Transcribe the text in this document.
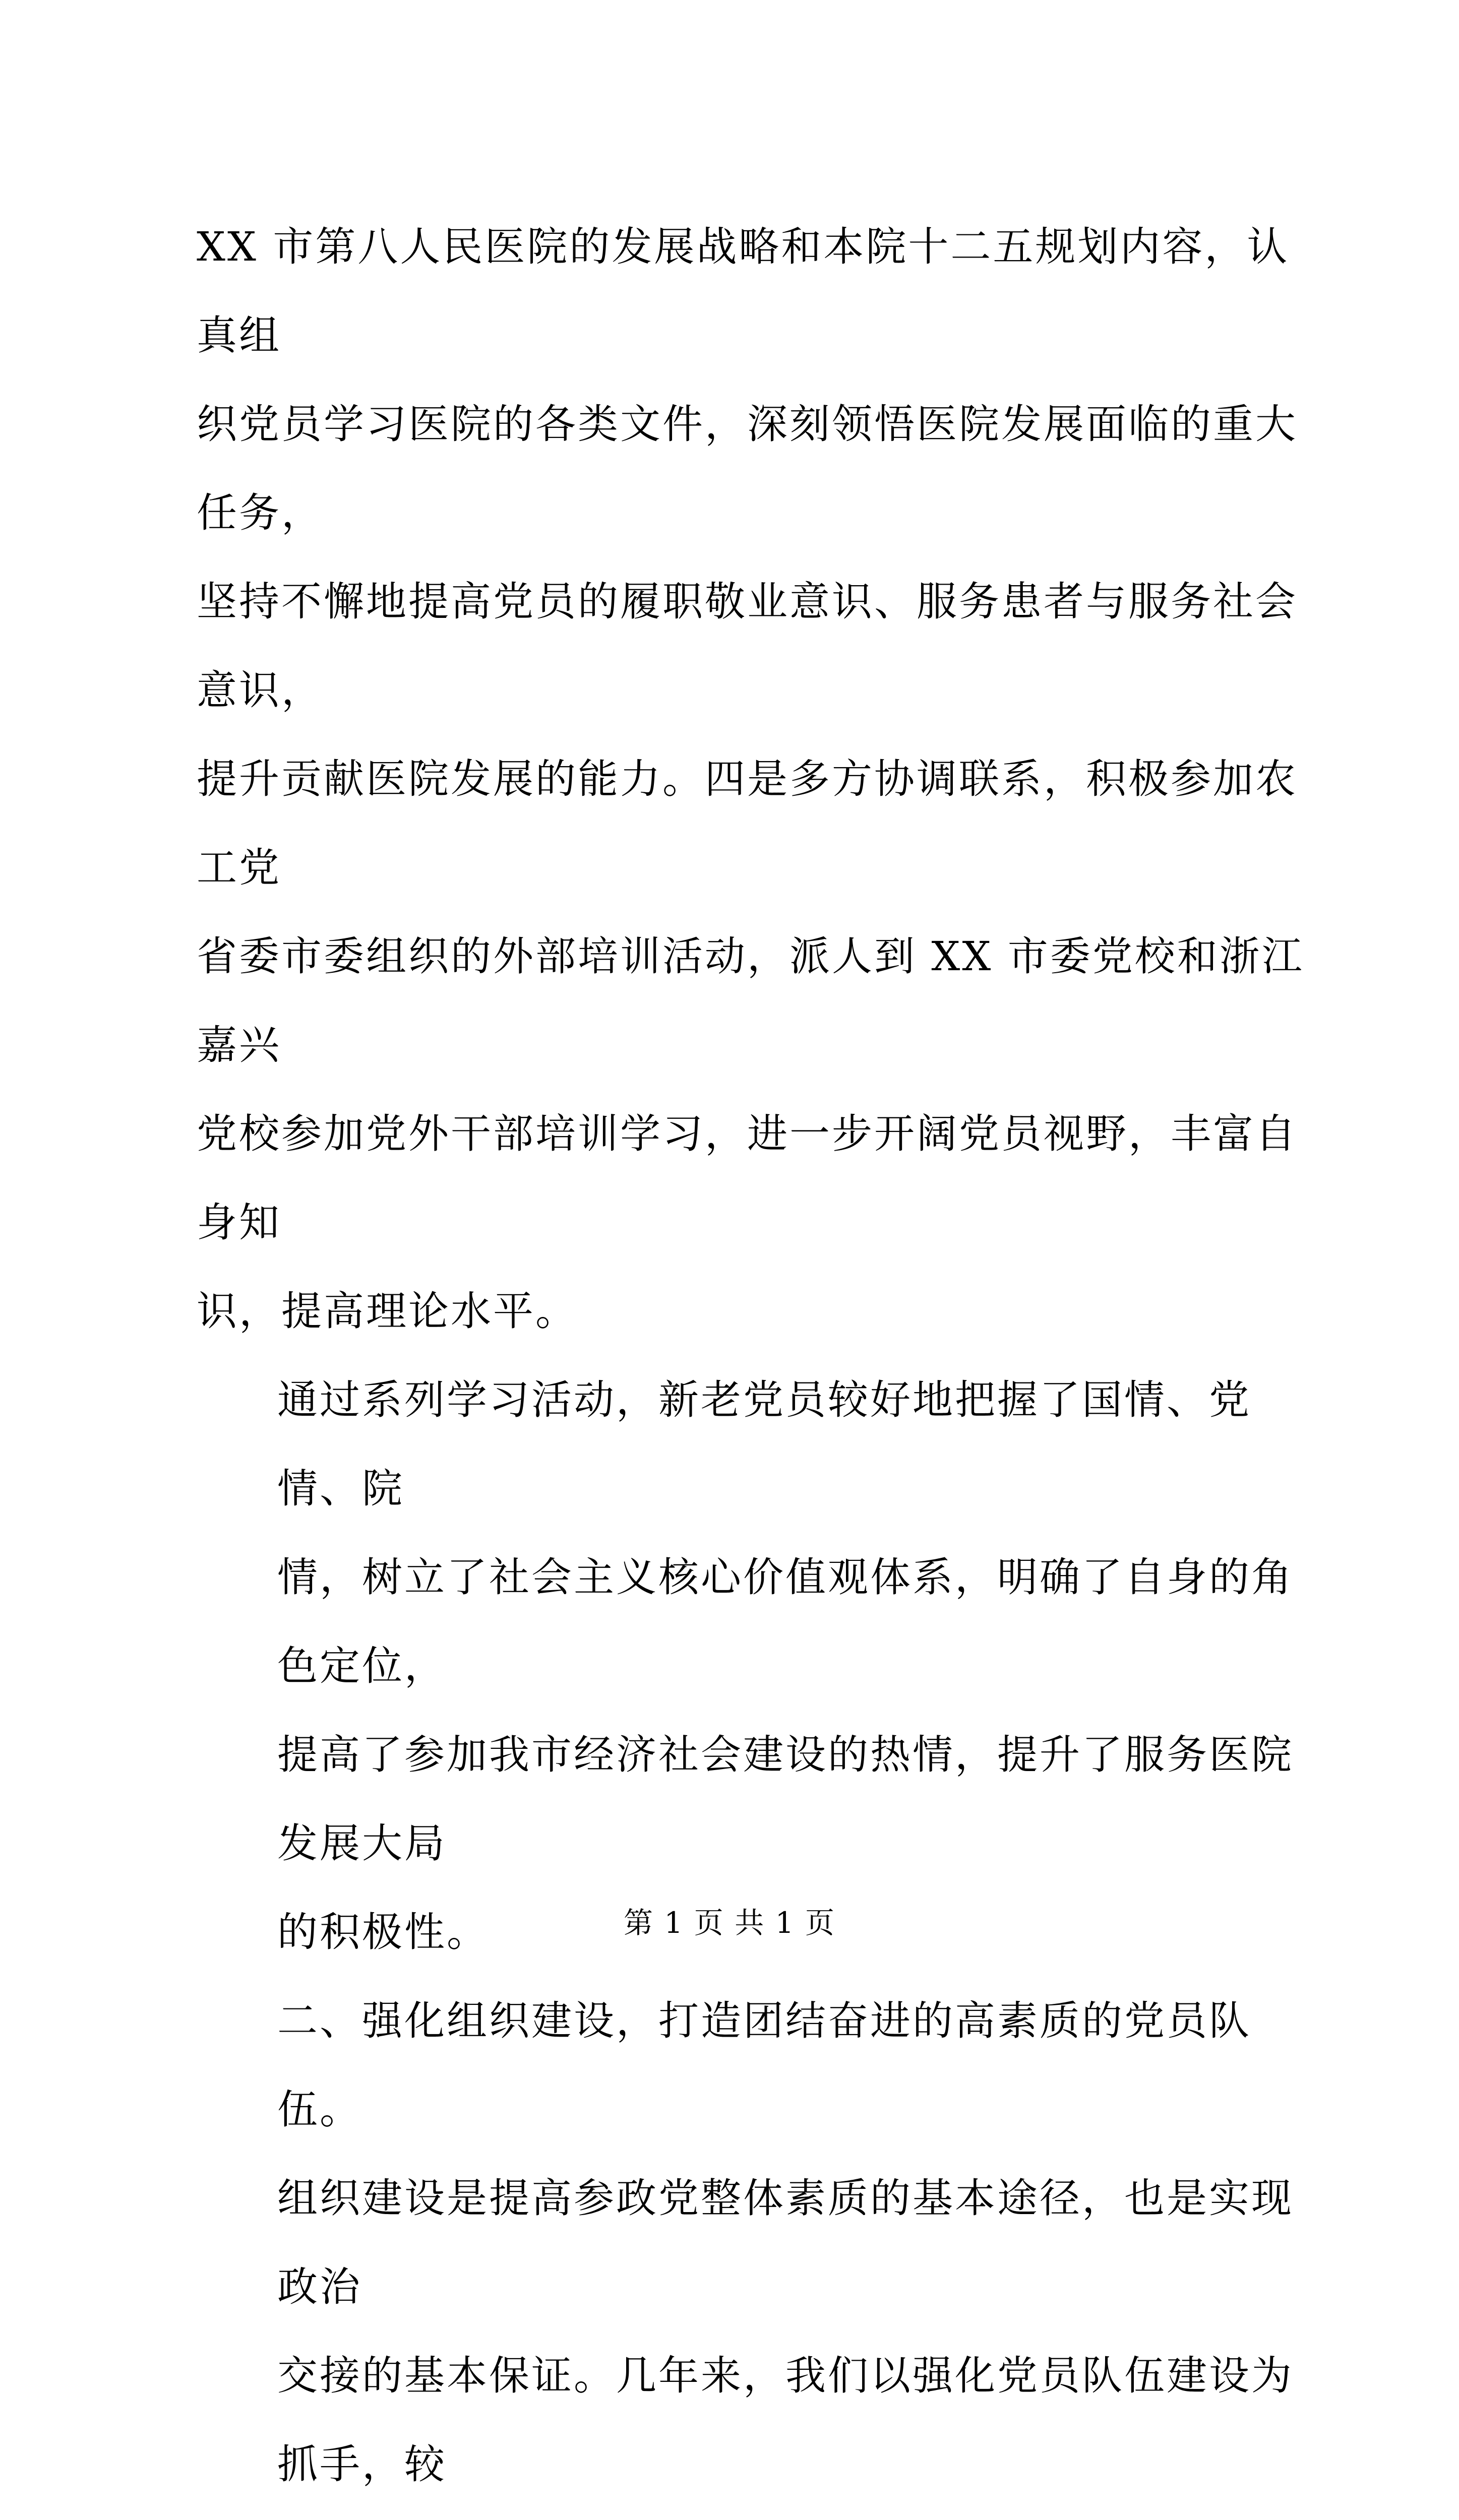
XX 市第八人民医院的发展战略和本院十二五规划内容，认真组
织党员学习医院的各类文件，深刻领悟医院发展面临的重大任务，
坚持不懈地提高党员的履职敬业意识、服务患者与服务社会意识，
提升贡献医院发展的能力。四是多方协调联系，积极参加农工党
省委市委组织的外部培训活动，派人到 XX 市委党校和浙江嘉兴
党校参加党外干部培训学习，进一步开阔党员视野，丰富自身知
识，提高理论水平。

通过系列学习活动，新老党员较好地把握了国情、党情、院
情，树立了社会主义核心价值观体系，明确了自身的角色定位，
提高了参加我市经济社会建设的热情，提升了服务医院发展大局
的积极性。

二、强化组织建设，打造团结奋进的高素质的党员队伍。

组织建设是提高参政党整体素质的基本途径，也是实现政治
交接的基本保证。几年来，我们以强化党员队伍建设为抓手，较

第 1 页 共 1 页
